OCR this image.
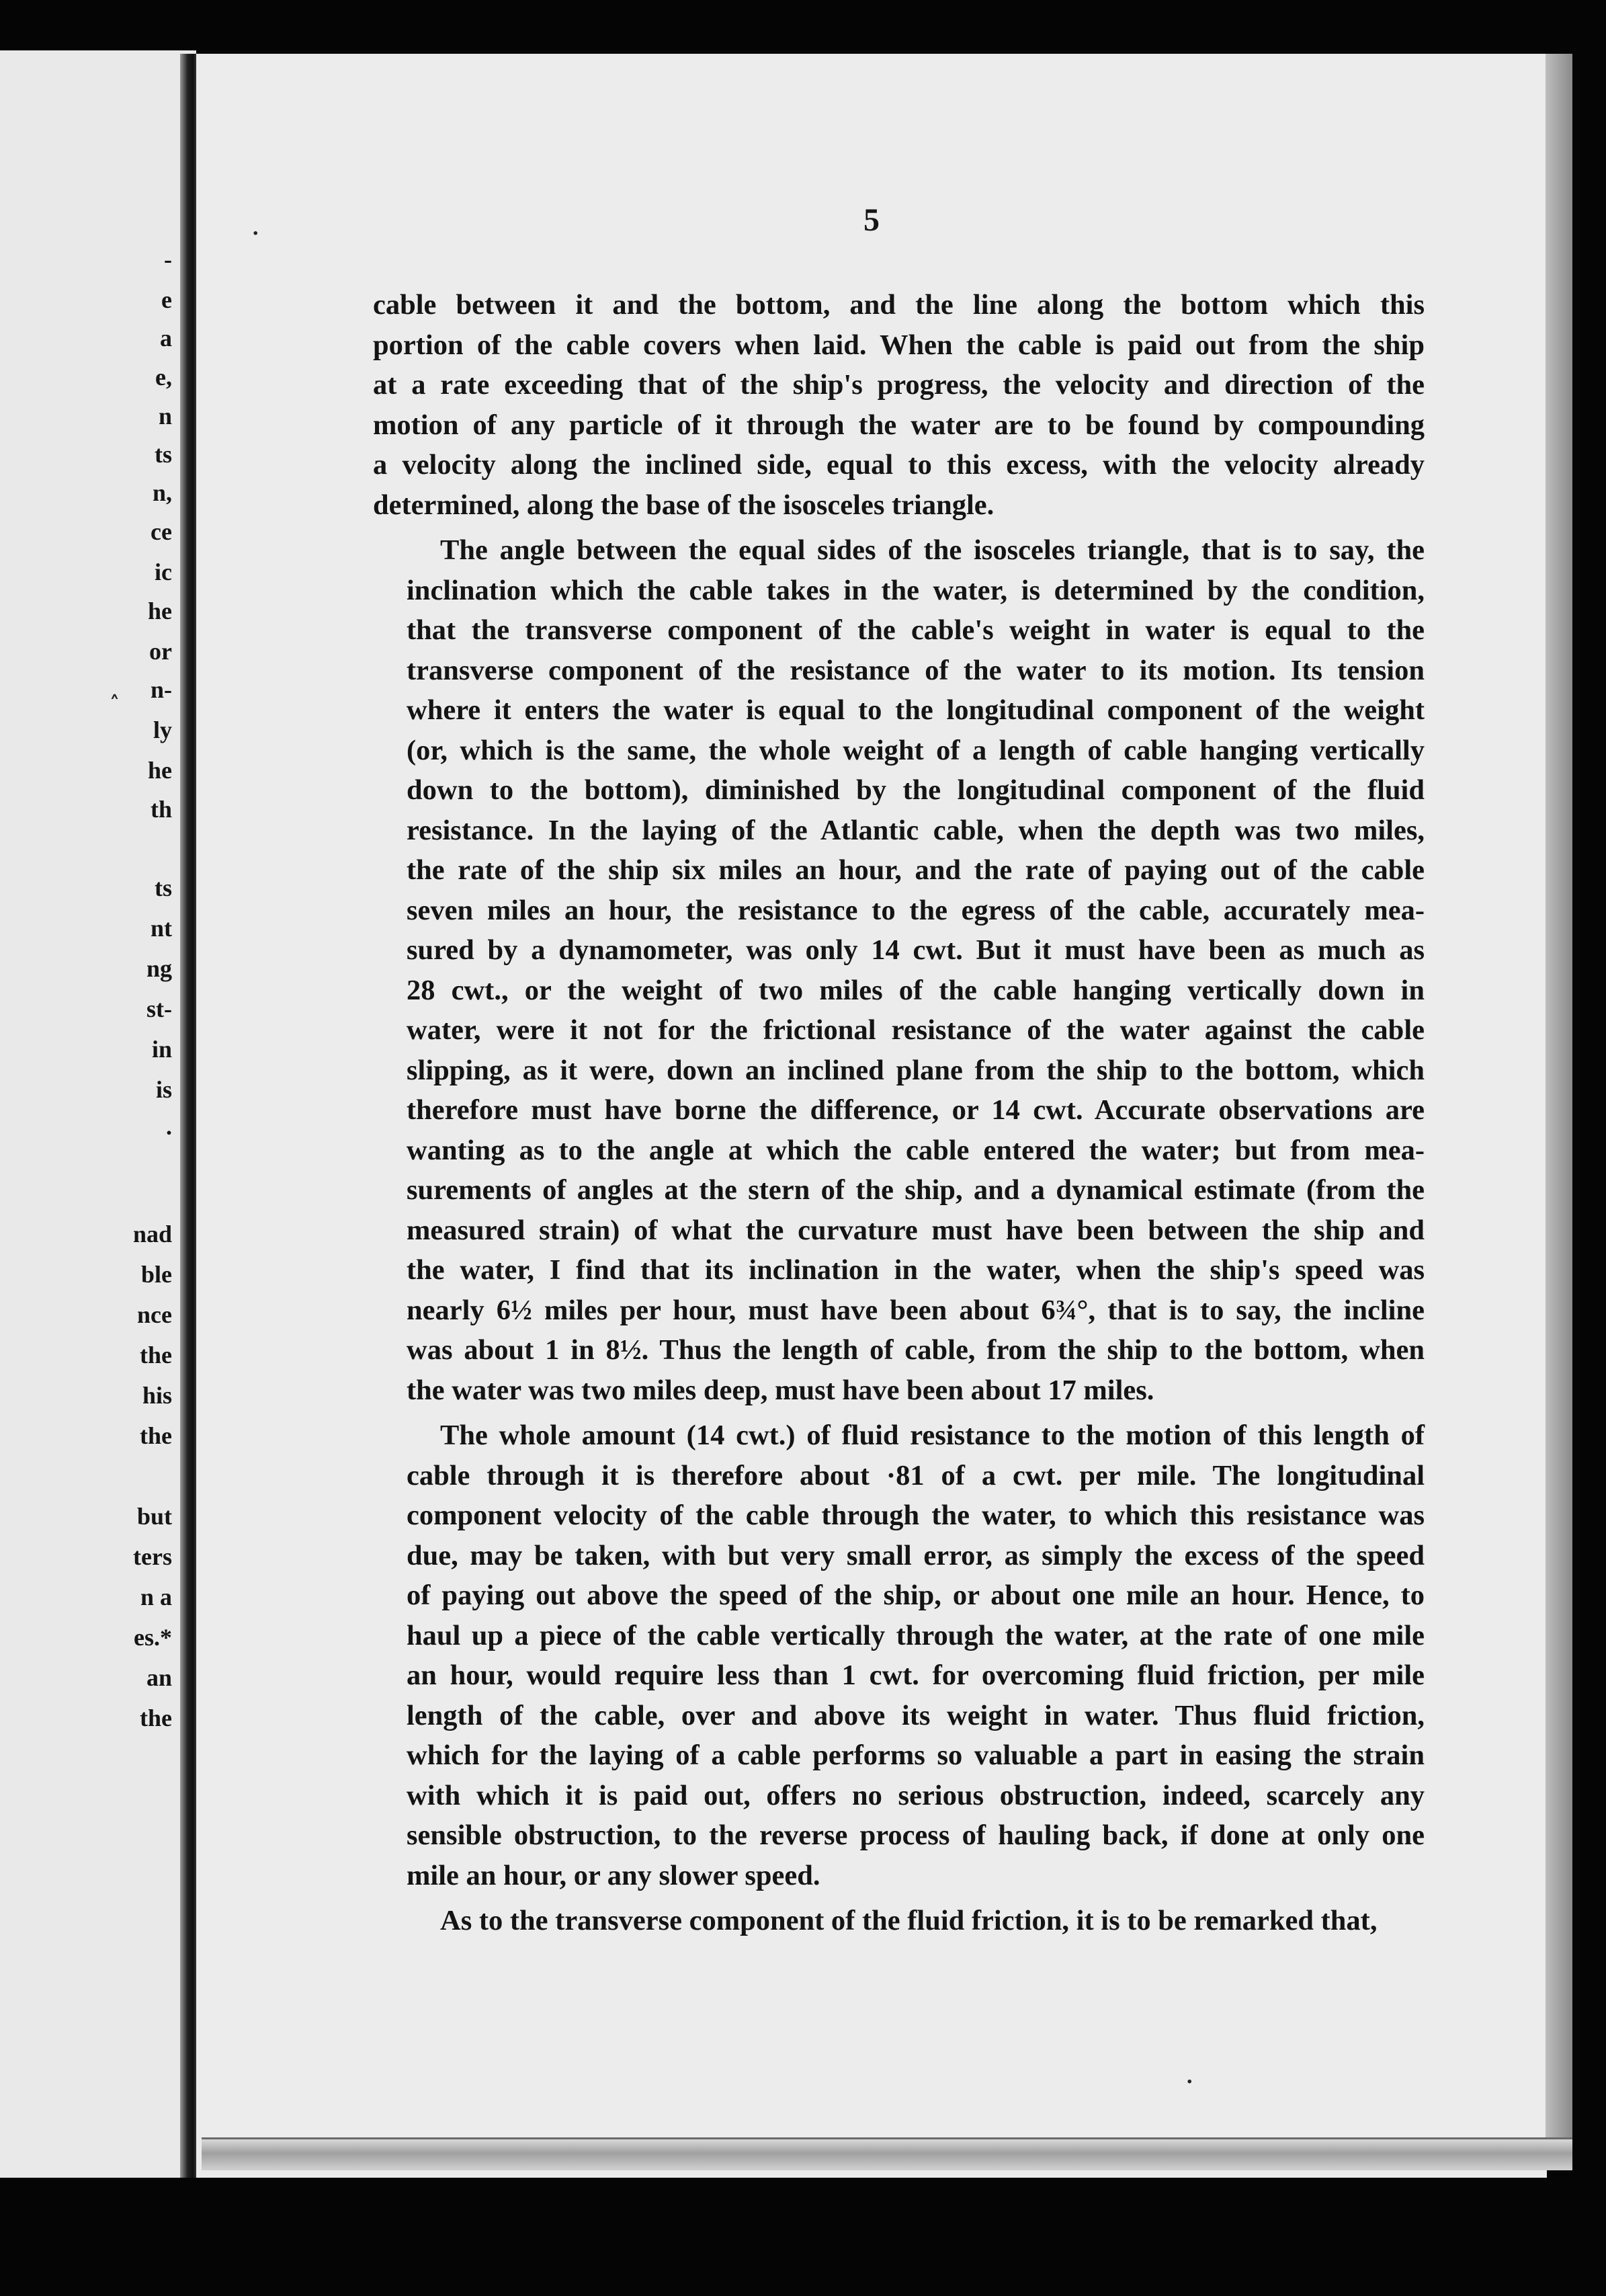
-
e
a
e,
n
ts
n,
ce
ic
he
or
n-
ly
he
th
ts
nt
ng
st-
in
is
.
nad
ble
nce
the
his
the
but
ters
n a
es.*
an
the
5

cable between it and the bottom, and the line along the bottom which this
portion of the cable covers when laid. When the cable is paid out from the ship
at a rate exceeding that of the ship's progress, the velocity and direction of the
motion of any particle of it through the water are to be found by compounding
a velocity along the inclined side, equal to this excess, with the velocity already
determined, along the base of the isosceles triangle.

The angle between the equal sides of the isosceles triangle, that is to say, the
inclination which the cable takes in the water, is determined by the condition,
that the transverse component of the cable's weight in water is equal to the
transverse component of the resistance of the water to its motion. Its tension
where it enters the water is equal to the longitudinal component of the weight
(or, which is the same, the whole weight of a length of cable hanging vertically
down to the bottom), diminished by the longitudinal component of the fluid
resistance. In the laying of the Atlantic cable, when the depth was two miles,
the rate of the ship six miles an hour, and the rate of paying out of the cable
seven miles an hour, the resistance to the egress of the cable, accurately mea-
sured by a dynamometer, was only 14 cwt. But it must have been as much as
28 cwt., or the weight of two miles of the cable hanging vertically down in
water, were it not for the frictional resistance of the water against the cable
slipping, as it were, down an inclined plane from the ship to the bottom, which
therefore must have borne the difference, or 14 cwt. Accurate observations are
wanting as to the angle at which the cable entered the water; but from mea-
surements of angles at the stern of the ship, and a dynamical estimate (from the
measured strain) of what the curvature must have been between the ship and
the water, I find that its inclination in the water, when the ship's speed was
nearly 6½ miles per hour, must have been about 6¾°, that is to say, the incline
was about 1 in 8½. Thus the length of cable, from the ship to the bottom, when
the water was two miles deep, must have been about 17 miles.

The whole amount (14 cwt.) of fluid resistance to the motion of this length of
cable through it is therefore about ·81 of a cwt. per mile. The longitudinal
component velocity of the cable through the water, to which this resistance was
due, may be taken, with but very small error, as simply the excess of the speed
of paying out above the speed of the ship, or about one mile an hour. Hence, to
haul up a piece of the cable vertically through the water, at the rate of one mile
an hour, would require less than 1 cwt. for overcoming fluid friction, per mile
length of the cable, over and above its weight in water. Thus fluid friction,
which for the laying of a cable performs so valuable a part in easing the strain
with which it is paid out, offers no serious obstruction, indeed, scarcely any
sensible obstruction, to the reverse process of hauling back, if done at only one
mile an hour, or any slower speed.

As to the transverse component of the fluid friction, it is to be remarked that,

·
˄
·
